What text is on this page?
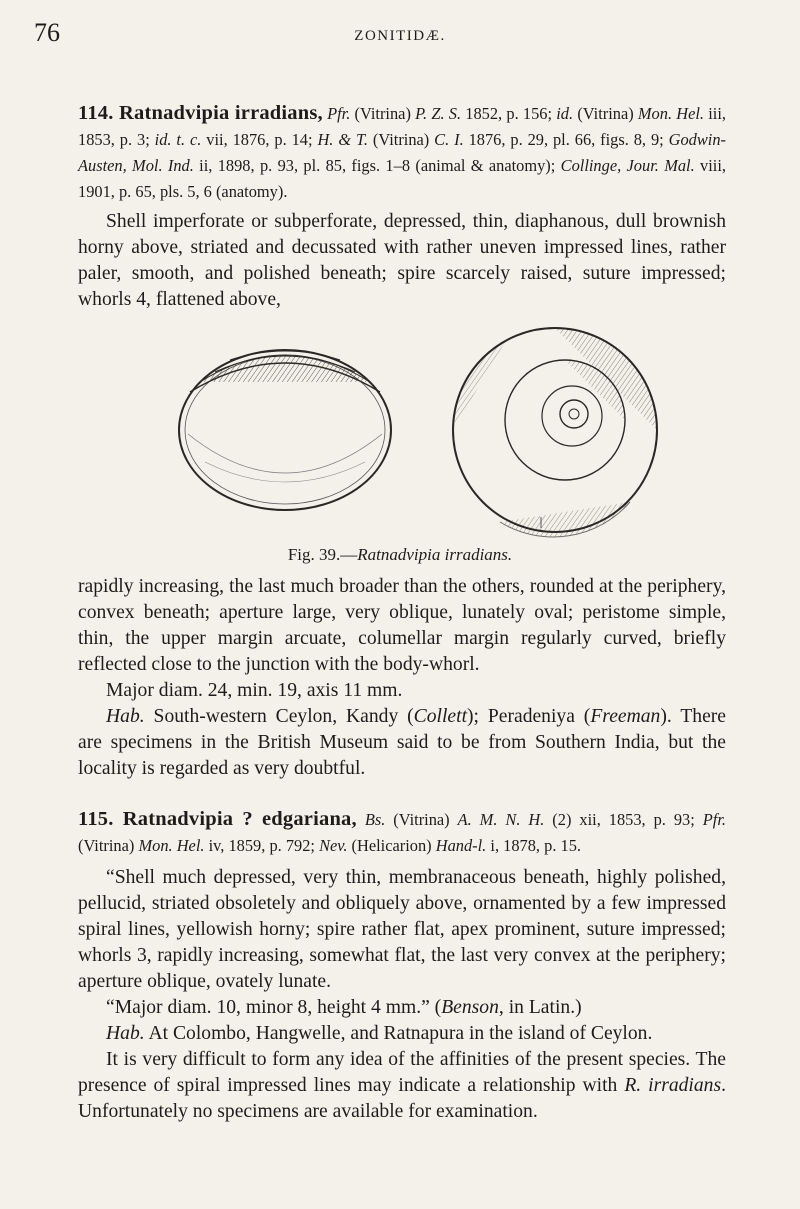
76	ZONITIDÆ.

114. Ratnadvipia irradians, Pfr. (Vitrina) P. Z. S. 1852, p. 156; id. (Vitrina) Mon. Hel. iii, 1853, p. 3; id. t. c. vii, 1876, p. 14; H. & T. (Vitrina) C. I. 1876, p. 29, pl. 66, figs. 8, 9; Godwin-Austen, Mol. Ind. ii, 1898, p. 93, pl. 85, figs. 1–8 (animal & anatomy); Collinge, Jour. Mal. viii, 1901, p. 65, pls. 5, 6 (anatomy).

Shell imperforate or subperforate, depressed, thin, diaphanous, dull brownish horny above, striated and decussated with rather uneven impressed lines, rather paler, smooth, and polished beneath; spire scarcely raised, suture impressed; whorls 4, flattened above,

Fig. 39.—Ratnadvipia irradians.

rapidly increasing, the last much broader than the others, rounded at the periphery, convex beneath; aperture large, very oblique, lunately oval; peristome simple, thin, the upper margin arcuate, columellar margin regularly curved, briefly reflected close to the junction with the body-whorl.

Major diam. 24, min. 19, axis 11 mm.

Hab. South-western Ceylon, Kandy (Collett); Peradeniya (Freeman). There are specimens in the British Museum said to be from Southern India, but the locality is regarded as very doubtful.

115. Ratnadvipia ? edgariana, Bs. (Vitrina) A. M. N. H. (2) xii, 1853, p. 93; Pfr. (Vitrina) Mon. Hel. iv, 1859, p. 792; Nev. (Helicarion) Hand-l. i, 1878, p. 15.

“Shell much depressed, very thin, membranaceous beneath, highly polished, pellucid, striated obsoletely and obliquely above, ornamented by a few impressed spiral lines, yellowish horny; spire rather flat, apex prominent, suture impressed; whorls 3, rapidly increasing, somewhat flat, the last very convex at the periphery; aperture oblique, ovately lunate.

“Major diam. 10, minor 8, height 4 mm.” (Benson, in Latin.)

Hab. At Colombo, Hangwelle, and Ratnapura in the island of Ceylon.

It is very difficult to form any idea of the affinities of the present species. The presence of spiral impressed lines may indicate a relationship with R. irradians. Unfortunately no specimens are available for examination.
